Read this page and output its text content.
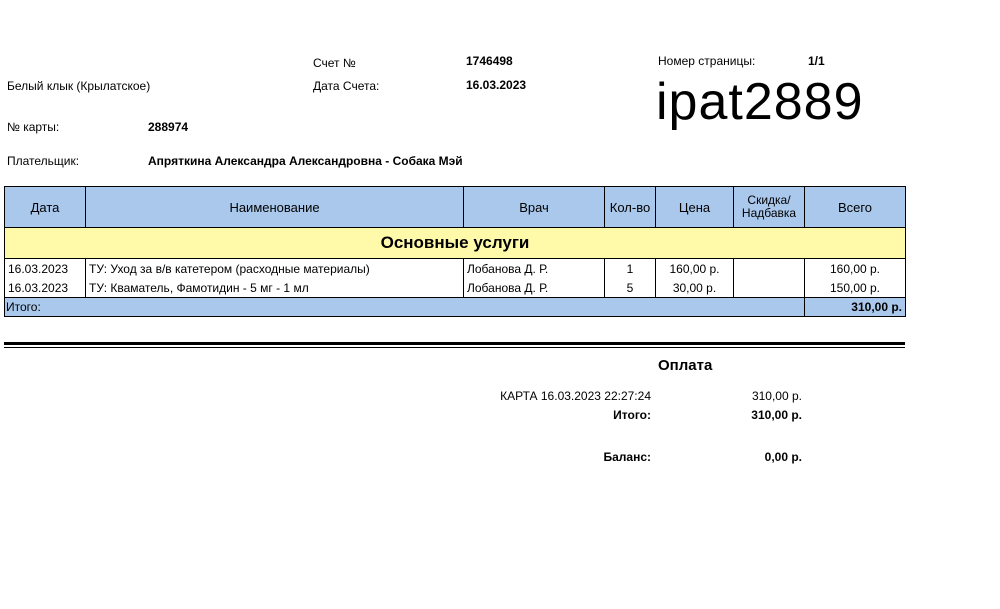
Счет №	1746498	Номер страницы:	1/1
Белый клык (Крылатское)	Дата Счета:	16.03.2023 ipat2889
№ карты:	288974
Плательщик:	Апряткина Александра Александровна - Собака Мэй
Дата	Наименование	Врач	Кол-во	Цена	Скидка/ Надбавка	Всего
Основные услуги						
16.03.2023	ТУ: Уход за в/в катетером (расходные материалы)	Лобанова Д. Р.	1	160,00 р.		160,00 р.
16.03.2023	ТУ: Кваматель, Фамотидин - 5 мг - 1 мл	Лобанова Д. Р.	5	30,00 р.		150,00 р.
Итого:						310,00 р.
Оплата
КАРТА 16.03.2023 22:27:24	310,00 р.
Итого:	310,00 р.
Баланс:	0,00 р.
